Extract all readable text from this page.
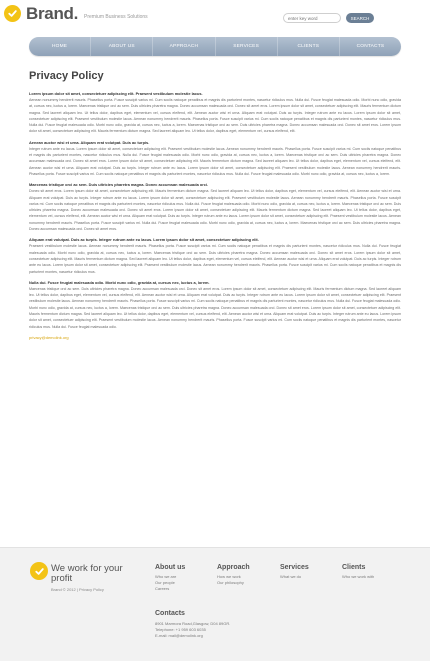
Brand. Premium Business Solutions
enter key word	SEARCH
HOME	ABOUT US	APPROACH	SERVICES	CLIENTS	CONTACTS
Privacy Policy
Lorem ipsum dolor sit amet, consectetuer adipiscing elit. Praesent vestibulum molestie lacus.

Aenean nonummy hendrerit mauris. Phasellus porta. Fusce suscipit varius mi. Cum sociis natoque penatibus et magnis dis parturient montes, nascetur ridiculus mus. Nulla dui. Fusce feugiat malesuada odio. Morbi nunc odio, gravida at, cursus nec, luctus a, lorem. Maecenas tristique orci ac sem. Duis ultricies pharetra magna. Donec accumsan malesuada orci. Donec sit amet eros. Lorem ipsum dolor sit amet, consectetuer adipiscing elit. Mauris fermentum dictum magna. Sed laoreet aliquam leo. Ut tellus dolor, dapibus eget, elementum vel, cursus eleifend, elit. Aenean auctor wisi et urna. Aliquam erat volutpat. Duis ac turpis. Integer rutrum ante eu lacus. Lorem ipsum dolor sit amet, consectetuer adipiscing elit. Praesent vestibulum molestie lacus. Aenean nonummy hendrerit mauris. Phasellus porta. Fusce suscipit varius mi. Cum sociis natoque penatibus et magnis dis parturient montes, nascetur ridiculus mus. Nulla dui. Fusce feugiat malesuada odio. Morbi nunc odio, gravida at, cursus nec, luctus a, lorem. Maecenas tristique orci ac sem. Duis ultricies pharetra magna. Donec accumsan malesuada orci. Donec sit amet eros. Lorem ipsum dolor sit amet, consectetuer adipiscing elit. Mauris fermentum dictum magna. Sed laoreet aliquam leo. Ut tellus dolor, dapibus eget, elementum vel, cursus eleifend, elit.

Aenean auctor wisi et urna. Aliquam erat volutpat. Duis ac turpis.

Integer rutrum ante eu lacus. Lorem ipsum dolor sit amet, consectetuer adipiscing elit. Praesent vestibulum molestie lacus. Aenean nonummy hendrerit mauris. Phasellus porta. Fusce suscipit varius mi. Cum sociis natoque penatibus et magnis dis parturient montes, nascetur ridiculus mus. Nulla dui. Fusce feugiat malesuada odio. Morbi nunc odio, gravida at, cursus nec, luctus a, lorem. Maecenas tristique orci ac sem. Duis ultricies pharetra magna. Donec accumsan malesuada orci. Donec sit amet eros. Lorem ipsum dolor sit amet, consectetuer adipiscing elit. Mauris fermentum dictum magna. Sed laoreet aliquam leo. Ut tellus dolor, dapibus eget, elementum vel, cursus eleifend, elit. Aenean auctor wisi et urna. Aliquam erat volutpat. Duis ac turpis. Integer rutrum ante eu lacus. Lorem ipsum dolor sit amet, consectetuer adipiscing elit. Praesent vestibulum molestie lacus. Aenean nonummy hendrerit mauris. Phasellus porta. Fusce suscipit varius mi. Cum sociis natoque penatibus et magnis dis parturient montes, nascetur ridiculus mus. Nulla dui. Fusce feugiat malesuada odio. Morbi nunc odio, gravida at, cursus nec, luctus a, lorem.

Maecenas tristique orci ac sem. Duis ultricies pharetra magna. Donec accumsan malesuada orci.

Donec sit amet eros. Lorem ipsum dolor sit amet, consectetuer adipiscing elit. Mauris fermentum dictum magna. Sed laoreet aliquam leo. Ut tellus dolor, dapibus eget, elementum vel, cursus eleifend, elit. Aenean auctor wisi et urna. Aliquam erat volutpat. Duis ac turpis. Integer rutrum ante eu lacus. Lorem ipsum dolor sit amet, consectetuer adipiscing elit. Praesent vestibulum molestie lacus. Aenean nonummy hendrerit mauris. Phasellus porta. Fusce suscipit varius mi. Cum sociis natoque penatibus et magnis dis parturient montes, nascetur ridiculus mus. Nulla dui. Fusce feugiat malesuada odio. Morbi nunc odio, gravida at, cursus nec, luctus a, lorem. Maecenas tristique orci ac sem. Duis ultricies pharetra magna. Donec accumsan malesuada orci. Donec sit amet eros. Lorem ipsum dolor sit amet, consectetuer adipiscing elit. Mauris fermentum dictum magna. Sed laoreet aliquam leo. Ut tellus dolor, dapibus eget, elementum vel, cursus eleifend, elit. Aenean auctor wisi et urna. Aliquam erat volutpat. Duis ac turpis. Integer rutrum ante eu lacus. Lorem ipsum dolor sit amet, consectetuer adipiscing elit. Praesent vestibulum molestie lacus. Aenean nonummy hendrerit mauris. Phasellus porta. Fusce suscipit varius mi. Nulla dui. Fusce feugiat malesuada odio. Morbi nunc odio, gravida at, cursus nec, luctus a, lorem. Maecenas tristique orci ac sem. Duis ultricies pharetra magna. Donec accumsan malesuada orci. Donec sit amet eros.

Aliquam erat volutpat. Duis ac turpis. Integer rutrum ante eu lacus. Lorem ipsum dolor sit amet, consectetuer adipiscing elit.

Praesent vestibulum molestie lacus. Aenean nonummy hendrerit mauris. Phasellus porta. Fusce suscipit varius mi. Cum sociis natoque penatibus et magnis dis parturient montes, nascetur ridiculus mus. Nulla dui. Fusce feugiat malesuada odio. Morbi nunc odio, gravida at, cursus nec, luctus a, lorem. Maecenas tristique orci ac sem. Duis ultricies pharetra magna. Donec accumsan malesuada orci. Donec sit amet eros. Lorem ipsum dolor sit amet, consectetuer adipiscing elit. Mauris fermentum dictum magna. Sed laoreet aliquam leo. Ut tellus dolor, dapibus eget, elementum vel, cursus eleifend, elit. Aenean auctor wisi et urna. Aliquam erat volutpat. Duis ac turpis. Integer rutrum ante eu lacus. Lorem ipsum dolor sit amet, consectetuer adipiscing elit. Praesent vestibulum molestie lacus. Aenean nonummy hendrerit mauris. Phasellus porta. Fusce suscipit varius mi. Cum sociis natoque penatibus et magnis dis parturient montes, nascetur ridiculus mus.

Nulla dui. Fusce feugiat malesuada odio. Morbi nunc odio, gravida at, cursus nec, luctus a, lorem.

Maecenas tristique orci ac sem. Duis ultricies pharetra magna. Donec accumsan malesuada orci. Donec sit amet eros. Lorem ipsum dolor sit amet, consectetuer adipiscing elit. Mauris fermentum dictum magna. Sed laoreet aliquam leo. Ut tellus dolor, dapibus eget, elementum vel, cursus eleifend, elit. Aenean auctor wisi et urna. Aliquam erat volutpat. Duis ac turpis. Integer rutrum ante eu lacus. Lorem ipsum dolor sit amet, consectetuer adipiscing elit. Praesent vestibulum molestie lacus. Aenean nonummy hendrerit mauris. Phasellus porta. Fusce suscipit varius mi. Cum sociis natoque penatibus et magnis dis parturient montes, nascetur ridiculus mus. Nulla dui. Fusce feugiat malesuada odio. Morbi nunc odio, gravida at, cursus nec, luctus a, lorem. Maecenas tristique orci ac sem. Duis ultricies pharetra magna. Donec accumsan malesuada orci. Donec sit amet eros. Lorem ipsum dolor sit amet, consectetuer adipiscing elit. Mauris fermentum dictum magna. Sed laoreet aliquam leo. Ut tellus dolor, dapibus eget, elementum vel, cursus eleifend, elit. Aenean auctor wisi et urna. Aliquam erat volutpat. Duis ac turpis. Integer rutrum ante eu lacus. Lorem ipsum dolor sit amet, consectetuer adipiscing elit. Praesent vestibulum molestie lacus. Aenean nonummy hendrerit mauris. Phasellus porta. Fusce suscipit varius mi. Cum sociis natoque penatibus et magnis dis parturient montes, nascetur ridiculus mus. Nulla dui. Fusce feugiat malesuada odio.

privacy@demolink.org
We work for your profit
Brand © 2012 | Privacy Policy
About us
Who we are
Our people
Careers
Approach
How we work
Our philosophy
Services
What we do
Clients
Who we work with
Contacts
8901 Marmora Road,Glasgow, D04 89GR.
Telephone: +1 959 603 6035
E-mail: mail@demolink.org
